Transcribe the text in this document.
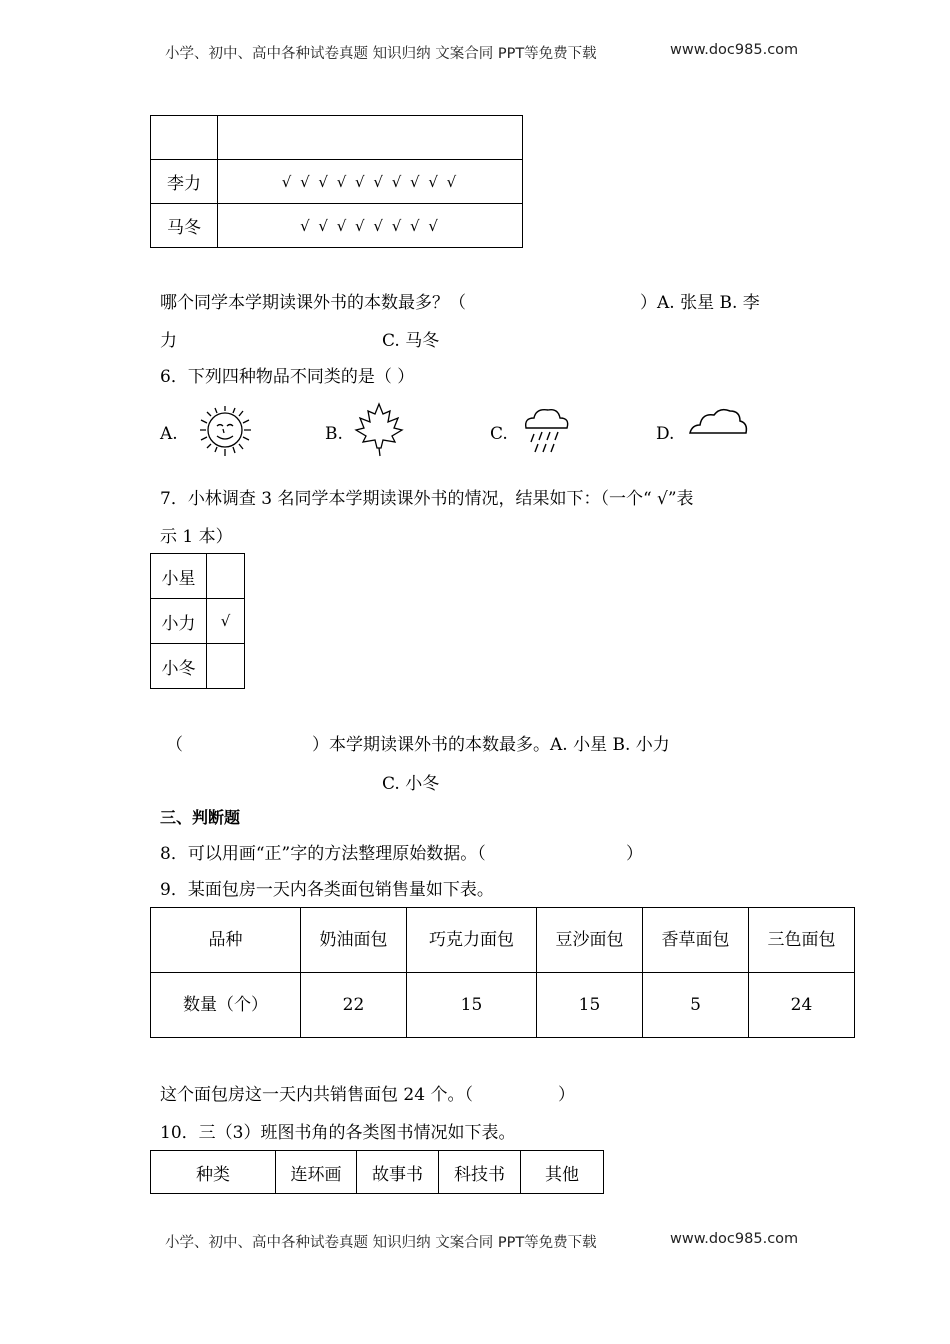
小学、初中、高中各种试卷真题 知识归纳 文案合同 PPT等免费下载	www.doc985.com

李力	√ √ √ √ √ √ √ √ √ √
马冬	√ √ √ √ √ √ √ √
哪个同学本学期读课外书的本数最多？（	）A. 张星 B. 李
力	C. 马冬
6．下列四种物品不同类的是（ ）
A.	B.	C.	D.
7．小林调查 3 名同学本学期读课外书的情况，结果如下：（一个“ √”表
示 1 本）
小星	
小力	√
小冬	
（	）本学期读课外书的本数最多。A. 小星 B. 小力
C. 小冬
三、判断题
8．可以用画“正”字的方法整理原始数据。（	）
9．某面包房一天内各类面包销售量如下表。
品种	奶油面包	巧克力面包	豆沙面包	香草面包	三色面包
数量（个）	22	15	15	5	24
这个面包房这一天内共销售面包 24 个。（	）
10．三（3）班图书角的各类图书情况如下表。
种类	连环画	故事书	科技书	其他
小学、初中、高中各种试卷真题 知识归纳 文案合同 PPT等免费下载	www.doc985.com
